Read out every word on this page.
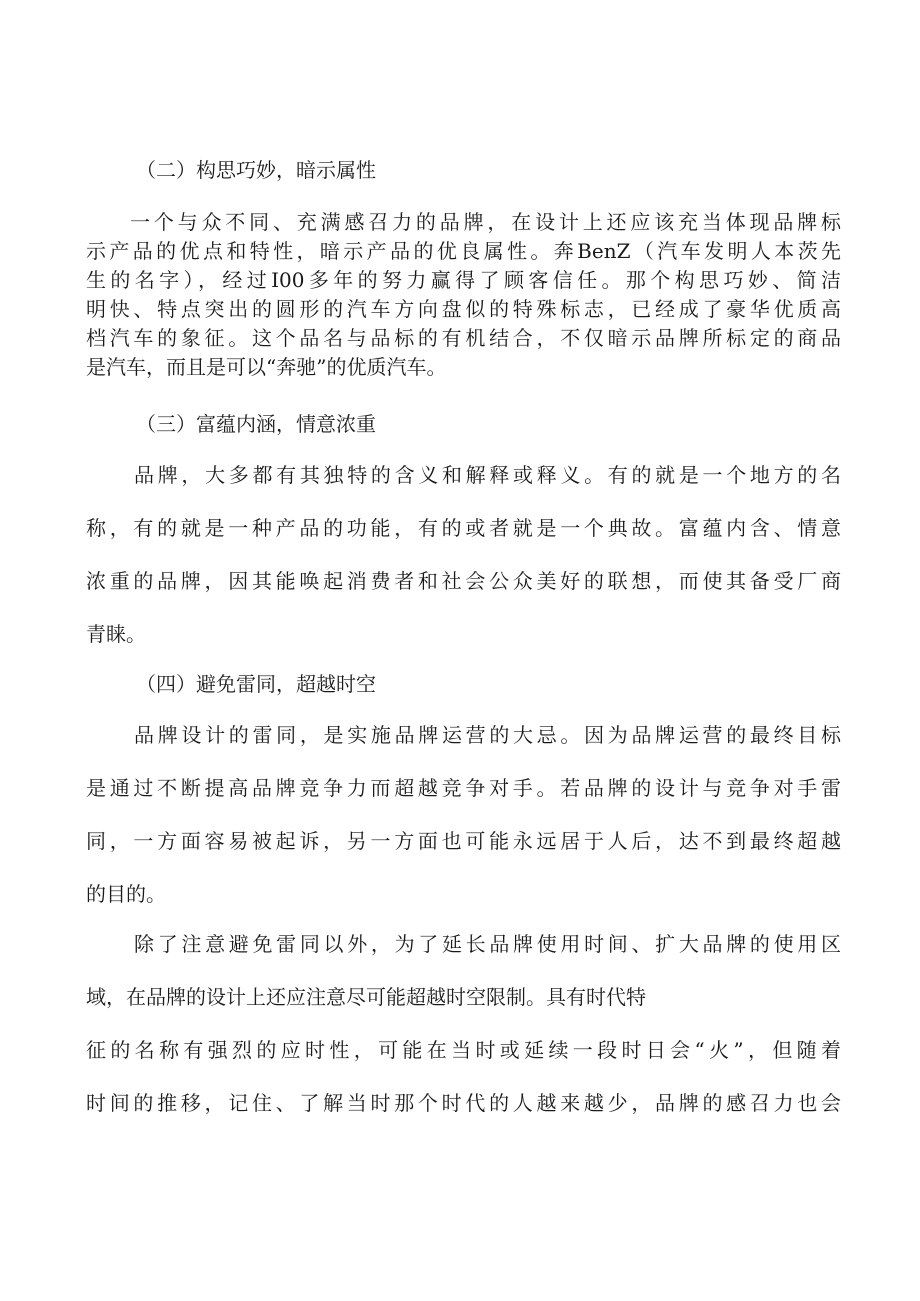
（二）构思巧妙，暗示属性
一个与众不同、充满感召力的品牌，在设计上还应该充当体现品牌标
示产品的优点和特性，暗示产品的优良属性。奔BenZ（汽车发明人本茨先
生的名字），经过I00多年的努力赢得了顾客信任。那个构思巧妙、简洁
明快、特点突出的圆形的汽车方向盘似的特殊标志，已经成了豪华优质高
档汽车的象征。这个品名与品标的有机结合，不仅暗示品牌所标定的商品
是汽车，而且是可以“奔驰”的优质汽车。
（三）富蕴内涵，情意浓重
品牌，大多都有其独特的含义和解释或释义。有的就是一个地方的名
称，有的就是一种产品的功能，有的或者就是一个典故。富蕴内含、情意
浓重的品牌，因其能唤起消费者和社会公众美好的联想，而使其备受厂商
青睐。
（四）避免雷同，超越时空
品牌设计的雷同，是实施品牌运营的大忌。因为品牌运营的最终目标
是通过不断提高品牌竞争力而超越竞争对手。若品牌的设计与竞争对手雷
同，一方面容易被起诉，另一方面也可能永远居于人后，达不到最终超越
的目的。
除了注意避免雷同以外，为了延长品牌使用时间、扩大品牌的使用区
域，在品牌的设计上还应注意尽可能超越时空限制。具有时代特
征的名称有强烈的应时性，可能在当时或延续一段时日会“火”，但随着
时间的推移，记住、了解当时那个时代的人越来越少，品牌的感召力也会
